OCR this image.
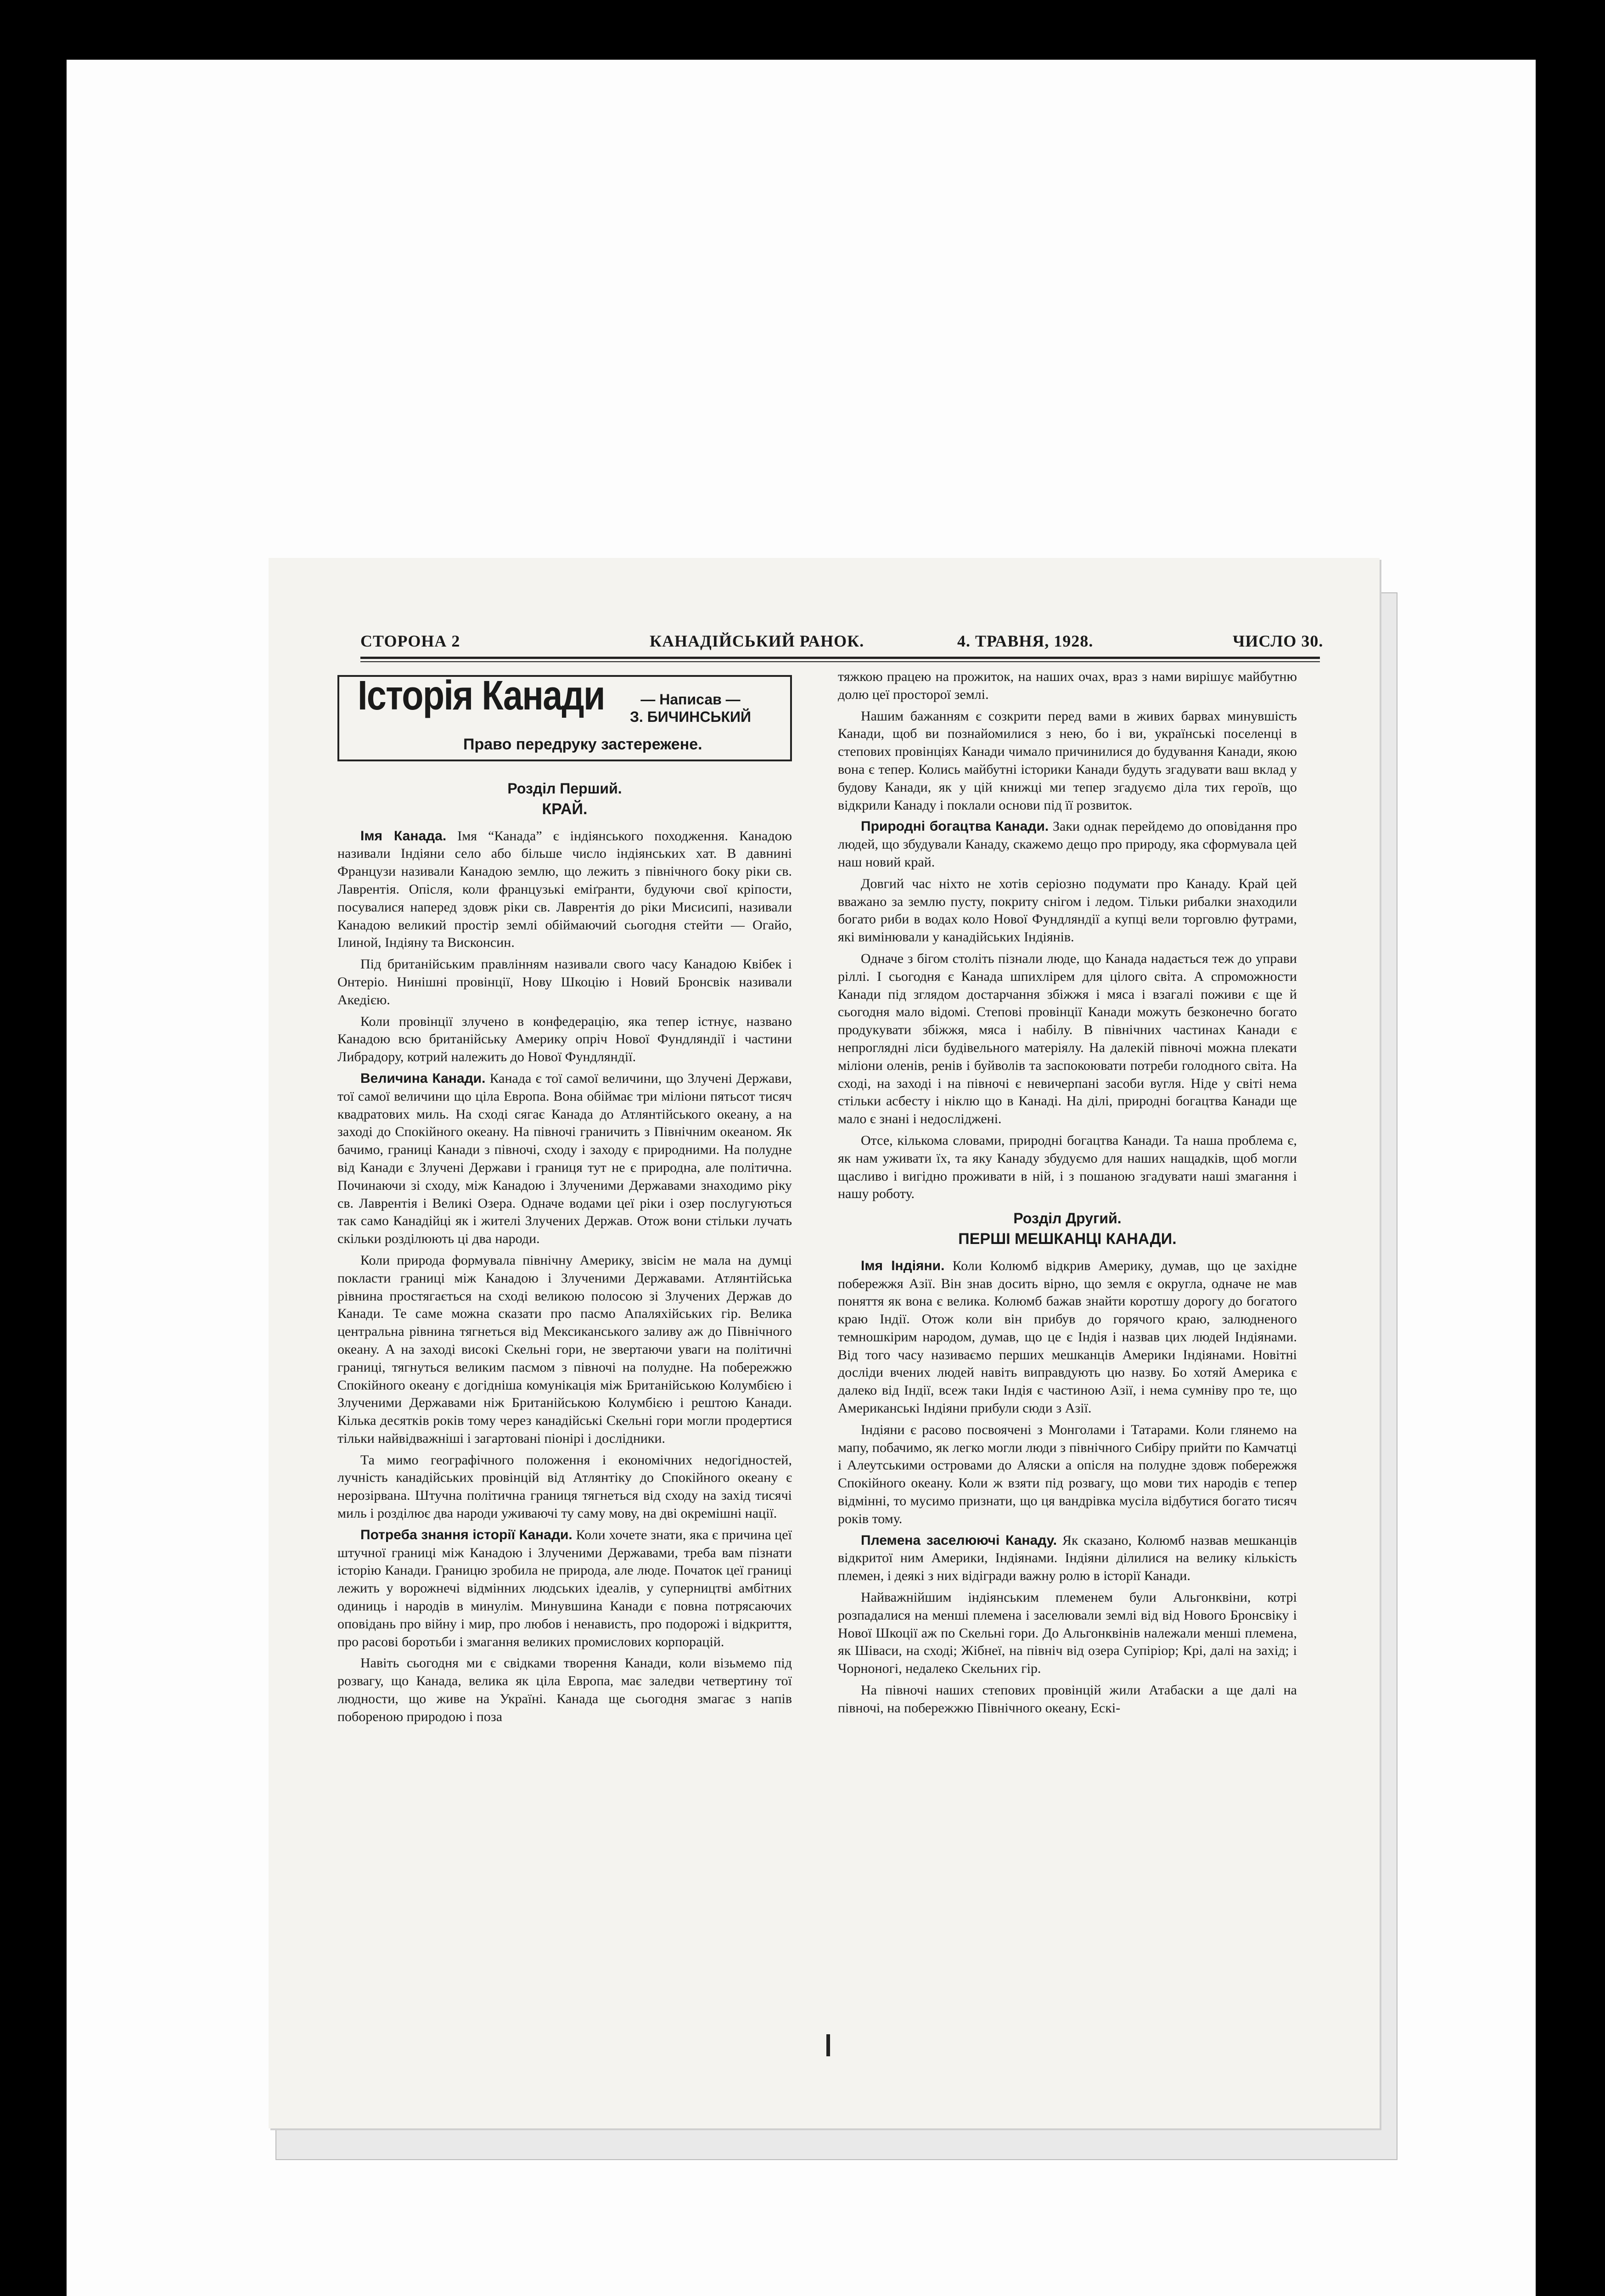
СТОРОНА 2	КАНАДІЙСЬКИЙ РАНОК.	4. ТРАВНЯ, 1928.	ЧИСЛО 30.
Історія Канади	— Написав —
З. БИЧИНСЬКИЙ
Право передруку застережене.
Розділ Перший.
КРАЙ.

Імя Канада. Імя “Канада” є індіянського походження. Канадою називали Індіяни село або більше число індіянських хат. В давнині Французи називали Канадою землю, що лежить з північного боку ріки св. Лаврентія. Опісля, коли французькі еміґранти, будуючи свої кріпости, посувалися наперед здовж ріки св. Лаврентія до ріки Мисисипі, називали Канадою великий простір землі обіймаючий сьогодня стейти — Огайо, Ілиной, Індіяну та Висконсин.

Під британійським правлінням називали свого часу Канадою Квібек і Онтеріо. Нинішні провінції, Нову Шкоцію і Новий Бронсвік називали Акедією.

Коли провінції злучено в конфедерацію, яка тепер істнує, названо Канадою всю британійську Америку опріч Нової Фундляндії і частини Либрадору, котрий належить до Нової Фундляндії.

Величина Канади. Канада є тої самої величини, що Злучені Держави, тої самої величини що ціла Европа. Вона обіймає три міліони пятьсот тисяч квадратових миль. На сході сягає Канада до Атлянтійського океану, а на заході до Спокійного океану. На півночі граничить з Північним океаном. Як бачимо, границі Канади з півночі, сходу і заходу є природними. На полудне від Канади є Злучені Держави і границя тут не є природна, але політична. Починаючи зі сходу, між Канадою і Злученими Державами знаходимо ріку св. Лаврентія і Великі Озера. Одначе водами цеї ріки і озер послугуються так само Канадійці як і жителі Злучених Держав. Отож вони стільки лучать скільки розділюють ці два народи.

Коли природа формувала північну Америку, звісім не мала на думці покласти границі між Канадою і Злученими Державами. Атлянтійська рівнина простягається на сході великою полосою зі Злучених Держав до Канади. Те саме можна сказати про пасмо Апаляхійських гір. Велика центральна рівнина тягнеться від Мексиканського заливу аж до Північного океану. А на заході високі Скельні гори, не звертаючи уваги на політичні границі, тягнуться великим пасмом з півночі на полудне. На побережжю Спокійного океану є догідніша комунікація між Британійською Колумбією і Злученими Державами ніж Британійською Колумбією і рештою Канади. Кілька десятків років тому через канадійські Скельні гори могли продертися тільки найвідважніші і загартовані піонірі і дослідники.

Та мимо географічного положення і економічних недогідностей, лучність канадійських провінцій від Атлянтіку до Спокійного океану є нерозірвана. Штучна політична границя тягнеться від сходу на захід тисячі миль і розділює два народи уживаючі ту саму мову, на дві окремішні нації.

Потреба знання історії Канади. Коли хочете знати, яка є причина цеї штучної границі між Канадою і Злученими Державами, треба вам пізнати історію Канади. Границю зробила не природа, але люде. Початок цеї границі лежить у ворожнечі відмінних людських ідеалів, у суперництві амбітних одиниць і народів в минулім. Минувшина Канади є повна потрясаючих оповідань про війну і мир, про любов і ненависть, про подорожі і відкриття, про расові боротьби і змагання великих промислових корпорацій.

Навіть сьогодня ми є свідками творення Канади, коли візьмемо під розвагу, що Канада, велика як ціла Европа, має заледви четвертину тої людности, що живе на Україні. Канада ще сьогодня змагає з напів побореною природою і поза

тяжкою працею на прожиток, на наших очах, враз з нами вирішує майбутню долю цеї просторої землі.

Нашим бажанням є созкрити перед вами в живих барвах минувшість Канади, щоб ви познайомилися з нею, бо і ви, українські поселенці в степових провінціях Канади чимало причинилися до будування Канади, якою вона є тепер. Колись майбутні історики Канади будуть згадувати ваш вклад у будову Канади, як у цій книжці ми тепер згадуємо діла тих героїв, що відкрили Канаду і поклали основи під її розвиток.

Природні богацтва Канади. Заки однак перейдемо до оповідання про людей, що збудували Канаду, скажемо дещо про природу, яка сформувала цей наш новий край.

Довгий час ніхто не хотів серіозно подумати про Канаду. Край цей вважано за землю пусту, покриту снігом і ледом. Тільки рибалки знаходили богато риби в водах коло Нової Фундляндії а купці вели торговлю футрами, які вимінювали у канадійських Індіянів.

Одначе з бігом століть пізнали люде, що Канада надається теж до управи ріллі. І сьогодня є Канада шпихлірем для цілого світа. А спроможности Канади під зглядом достарчання збіжжя і мяса і взагалі поживи є ще й сьогодня мало відомі. Степові провінції Канади можуть безконечно богато продукувати збіжжя, мяса і набілу. В північних частинах Канади є непроглядні ліси будівельного матеріялу. На далекій півночі можна плекати міліони оленів, ренів і буйволів та заспокоювати потреби голодного світа. На сході, на заході і на півночі є невичерпані засоби вугля. Ніде у світі нема стільки асбесту і ніклю що в Канаді. На ділі, природні богацтва Канади ще мало є знані і недосліджені.

Отсе, кількома словами, природні богацтва Канади. Та наша проблема є, як нам уживати їх, та яку Канаду збудуємо для наших нащадків, щоб могли щасливо і вигідно проживати в ній, і з пошаною згадувати наші змагання і нашу роботу.

Розділ Другий.
ПЕРШІ МЕШКАНЦІ КАНАДИ.

Імя Індіяни. Коли Колюмб відкрив Америку, думав, що це західне побережжя Азії. Він знав досить вірно, що земля є округла, одначе не мав поняття як вона є велика. Колюмб бажав знайти коротшу дорогу до богатого краю Індії. Отож коли він прибув до горячого краю, залюдненого темношкірим народом, думав, що це є Індія і назвав цих людей Індіянами. Від того часу називаємо перших мешканців Америки Індіянами. Новітні досліди вчених людей навіть виправдують цю назву. Бо хотяй Америка є далеко від Індії, всеж таки Індія є частиною Азії, і нема сумніву про те, що Американські Індіяни прибули сюди з Азії.

Індіяни є расово посвоячені з Монголами і Татарами. Коли глянемо на мапу, побачимо, як легко могли люди з північного Сибіру прийти по Камчатці і Алеутськими островами до Аляски а опісля на полудне здовж побережжя Спокійного океану. Коли ж взяти під розвагу, що мови тих народів є тепер відмінні, то мусимо признати, що ця вандрівка мусіла відбутися богато тисяч років тому.

Племена заселюючі Канаду. Як сказано, Колюмб назвав мешканців відкритої ним Америки, Індіянами. Індіяни ділилися на велику кількість племен, і деякі з них відігради важну ролю в історії Канади.

Найважнійшим індіянським племенем були Альгонквіни, котрі розпадалися на менші племена і заселювали землі від від Нового Бронсвіку і Нової Шкоції аж по Скельні гори. До Альгонквінів належали менші племена, як Шіваси, на сході; Жібнеї, на північ від озера Супіріор; Крі, далі на захід; і Чорноногі, недалеко Скельних гір.

На півночі наших степових провінцій жили Атабаски а ще далі на півночі, на побережжю Північного океану, Ескі-
